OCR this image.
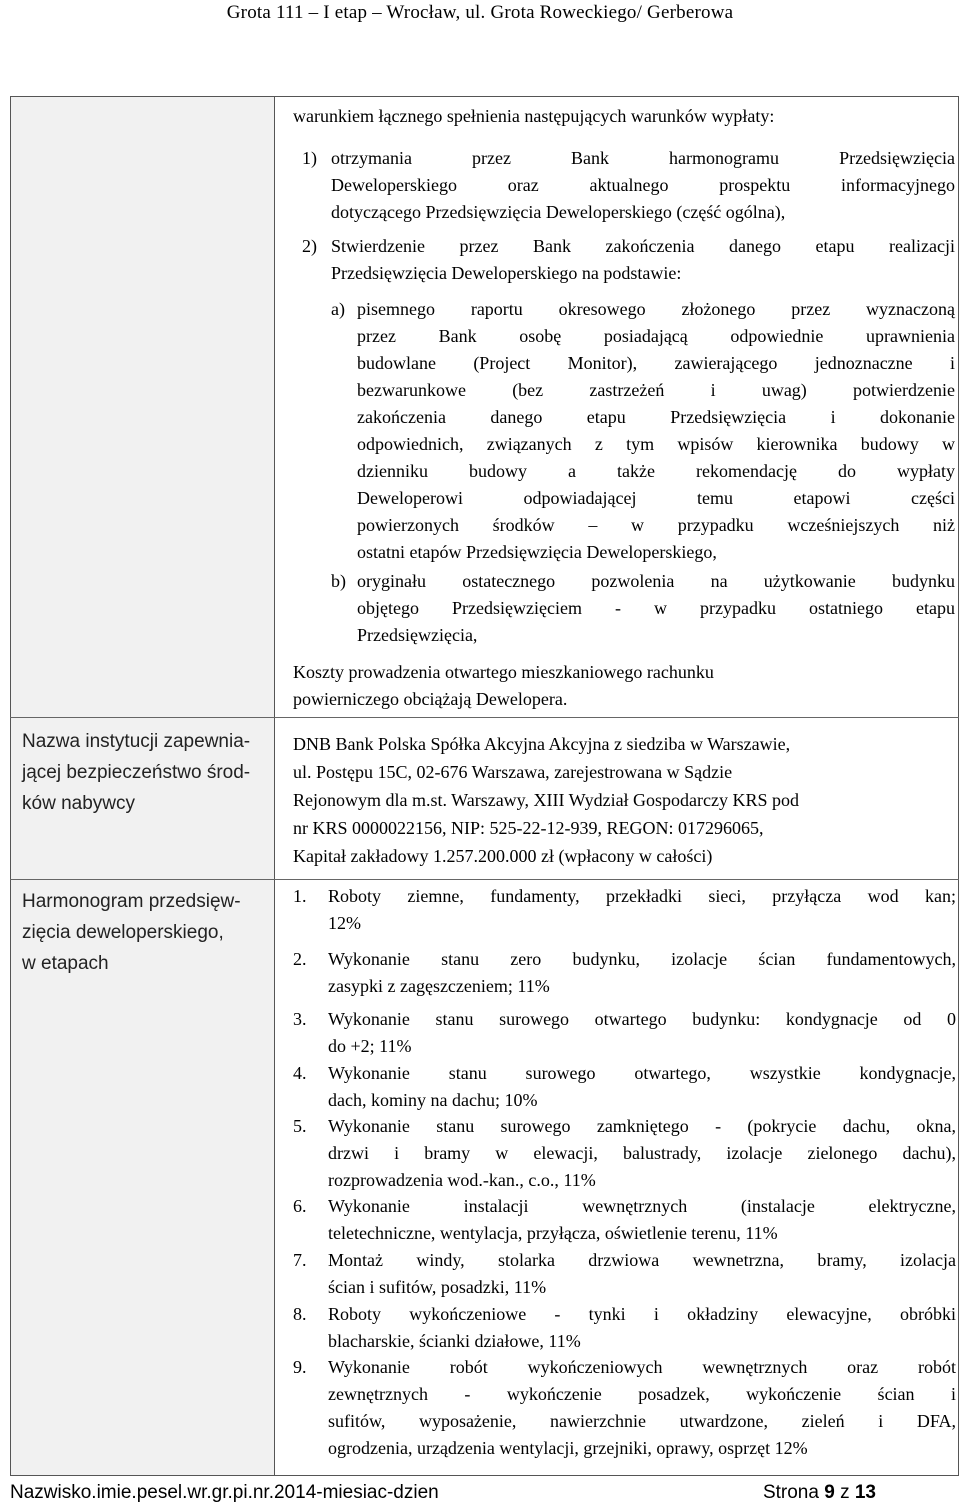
Grota 111 – I etap – Wrocław, ul. Grota Roweckiego/ Gerberowa
Nazwa instytucji zapewnia-
jącej bezpieczeństwo środ-
ków nabywcy
Harmonogram przedsięw-
zięcia deweloperskiego,
w etapach
warunkiem łącznego spełnienia następujących warunków wypłaty:
1) otrzymania przez Bank harmonogramu Przedsięwzięcia
Deweloperskiego oraz aktualnego prospektu informacyjnego
dotyczącego Przedsięwzięcia Deweloperskiego (część ogólna),
2) Stwierdzenie przez Bank zakończenia danego etapu realizacji
Przedsięwzięcia Deweloperskiego na podstawie:
a) pisemnego raportu okresowego złożonego przez wyznaczoną
przez Bank osobę posiadającą odpowiednie uprawnienia
budowlane (Project Monitor), zawierającego jednoznaczne i
bezwarunkowe (bez zastrzeżeń i uwag) potwierdzenie
zakończenia danego etapu Przedsięwzięcia i dokonanie
odpowiednich, związanych z tym wpisów kierownika budowy w
dzienniku budowy a także rekomendację do wypłaty
Deweloperowi odpowiadającej temu etapowi części
powierzonych środków – w przypadku wcześniejszych niż
ostatni etapów Przedsięwzięcia Deweloperskiego,
b) oryginału ostatecznego pozwolenia na użytkowanie budynku
objętego Przedsięwzięciem - w przypadku ostatniego etapu
Przedsięwzięcia,
Koszty prowadzenia otwartego mieszkaniowego rachunku
powierniczego obciążają Dewelopera.
DNB Bank Polska Spółka Akcyjna Akcyjna z siedziba w Warszawie,
ul. Postępu 15C, 02-676 Warszawa, zarejestrowana w Sądzie
Rejonowym dla m.st. Warszawy, XIII Wydział Gospodarczy KRS pod
nr KRS 0000022156, NIP: 525-22-12-939, REGON: 017296065,
Kapitał zakładowy 1.257.200.000 zł (wpłacony w całości)
1. Roboty ziemne, fundamenty, przekładki sieci, przyłącza wod kan;
12%
2. Wykonanie stanu zero budynku, izolacje ścian fundamentowych,
zasypki z zagęszczeniem; 11%
3. Wykonanie stanu surowego otwartego budynku: kondygnacje od 0
do +2; 11%
4. Wykonanie stanu surowego otwartego, wszystkie kondygnacje,
dach, kominy na dachu; 10%
5. Wykonanie stanu surowego zamkniętego - (pokrycie dachu, okna,
drzwi i bramy w elewacji, balustrady, izolacje zielonego dachu),
rozprowadzenia wod.-kan., c.o., 11%
6. Wykonanie instalacji wewnętrznych (instalacje elektryczne,
teletechniczne, wentylacja, przyłącza, oświetlenie terenu, 11%
7. Montaż windy, stolarka drzwiowa wewnetrzna, bramy, izolacja
ścian i sufitów, posadzki, 11%
8. Roboty wykończeniowe - tynki i okładziny elewacyjne, obróbki
blacharskie, ścianki działowe, 11%
9. Wykonanie robót wykończeniowych wewnętrznych oraz robót
zewnętrznych - wykończenie posadzek, wykończenie ścian i
sufitów, wyposażenie, nawierzchnie utwardzone, zieleń i DFA,
ogrodzenia, urządzenia wentylacji, grzejniki, oprawy, osprzęt 12%
Nazwisko.imie.pesel.wr.gr.pi.nr.2014-miesiac-dzien	Strona 9 z 13
